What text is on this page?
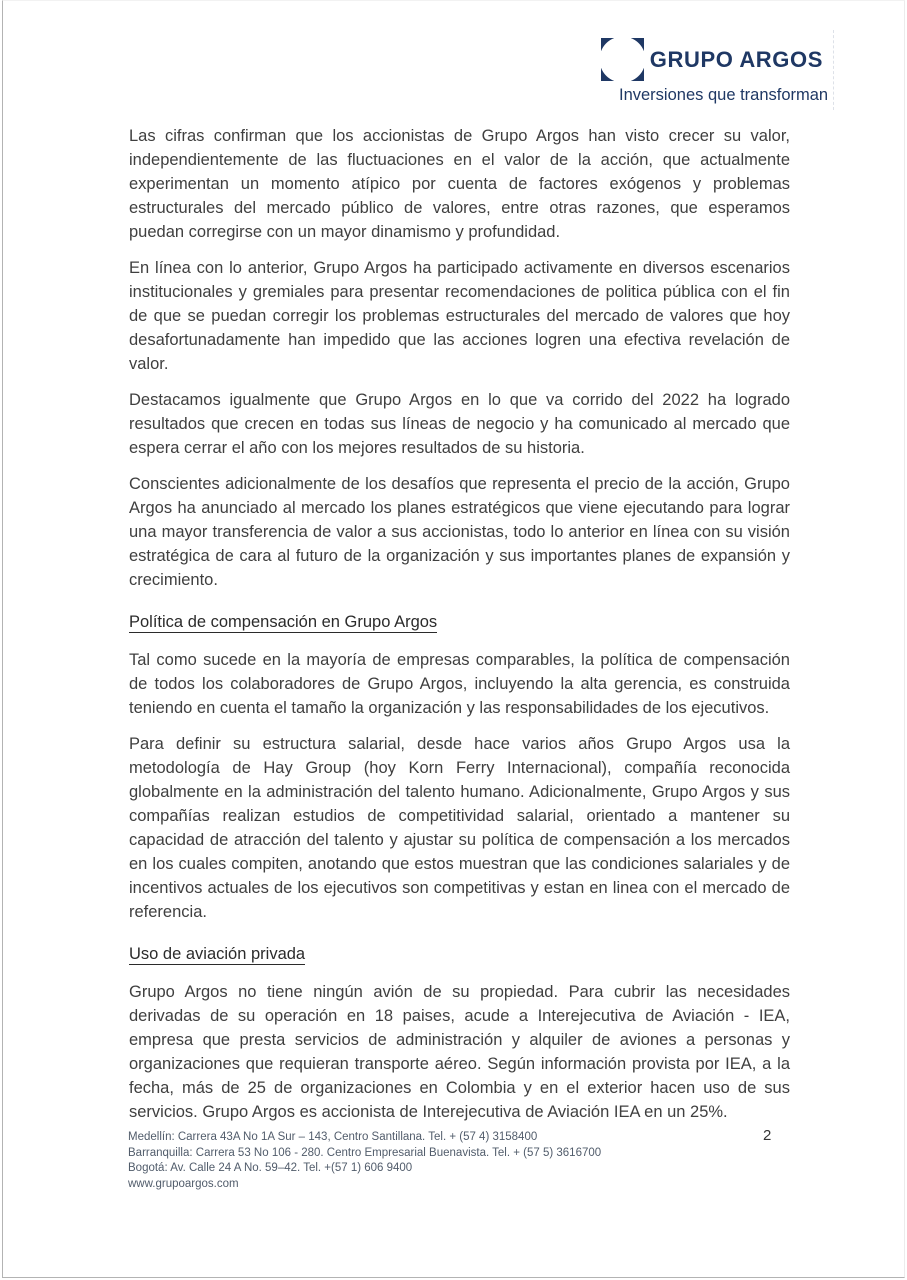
GRUPO ARGOS
Inversiones que transforman

Las cifras confirman que los accionistas de Grupo Argos han visto crecer su valor, independientemente de las fluctuaciones en el valor de la acción, que actualmente experimentan un momento atípico por cuenta de factores exógenos y problemas estructurales del mercado público de valores, entre otras razones, que esperamos puedan corregirse con un mayor dinamismo y profundidad.

En línea con lo anterior, Grupo Argos ha participado activamente en diversos escenarios institucionales y gremiales para presentar recomendaciones de politica pública con el fin de que se puedan corregir los problemas estructurales del mercado de valores que hoy desafortunadamente han impedido que las acciones logren una efectiva revelación de valor.

Destacamos igualmente que Grupo Argos en lo que va corrido del 2022 ha logrado resultados que crecen en todas sus líneas de negocio y ha comunicado al mercado que espera cerrar el año con los mejores resultados de su historia.

Conscientes adicionalmente de los desafíos que representa el precio de la acción, Grupo Argos ha anunciado al mercado los planes estratégicos que viene ejecutando para lograr una mayor transferencia de valor a sus accionistas, todo lo anterior en línea con su visión estratégica de cara al futuro de la organización y sus importantes planes de expansión y crecimiento.

Política de compensación en Grupo Argos

Tal como sucede en la mayoría de empresas comparables, la política de compensación de todos los colaboradores de Grupo Argos, incluyendo la alta gerencia, es construida teniendo en cuenta el tamaño la organización y las responsabilidades de los ejecutivos.

Para definir su estructura salarial, desde hace varios años Grupo Argos usa la metodología de Hay Group (hoy Korn Ferry Internacional), compañía reconocida globalmente en la administración del talento humano. Adicionalmente, Grupo Argos y sus compañías realizan estudios de competitividad salarial, orientado a mantener su capacidad de atracción del talento y ajustar su política de compensación a los mercados en los cuales compiten, anotando que estos muestran que las condiciones salariales y de incentivos actuales de los ejecutivos son competitivas y estan en linea con el mercado de referencia.

Uso de aviación privada

Grupo Argos no tiene ningún avión de su propiedad. Para cubrir las necesidades derivadas de su operación en 18 paises, acude a Interejecutiva de Aviación - IEA, empresa que presta servicios de administración y alquiler de aviones a personas y organizaciones que requieran transporte aéreo. Según información provista por IEA, a la fecha, más de 25 de organizaciones en Colombia y en el exterior hacen uso de sus servicios. Grupo Argos es accionista de Interejecutiva de Aviación IEA en un 25%.

Medellín: Carrera 43A No 1A Sur – 143, Centro Santillana. Tel. + (57 4) 3158400
Barranquilla: Carrera 53 No 106 - 280. Centro Empresarial Buenavista. Tel. + (57 5) 3616700
Bogotá: Av. Calle 24 A No. 59–42. Tel. +(57 1) 606 9400
www.grupoargos.com
2
